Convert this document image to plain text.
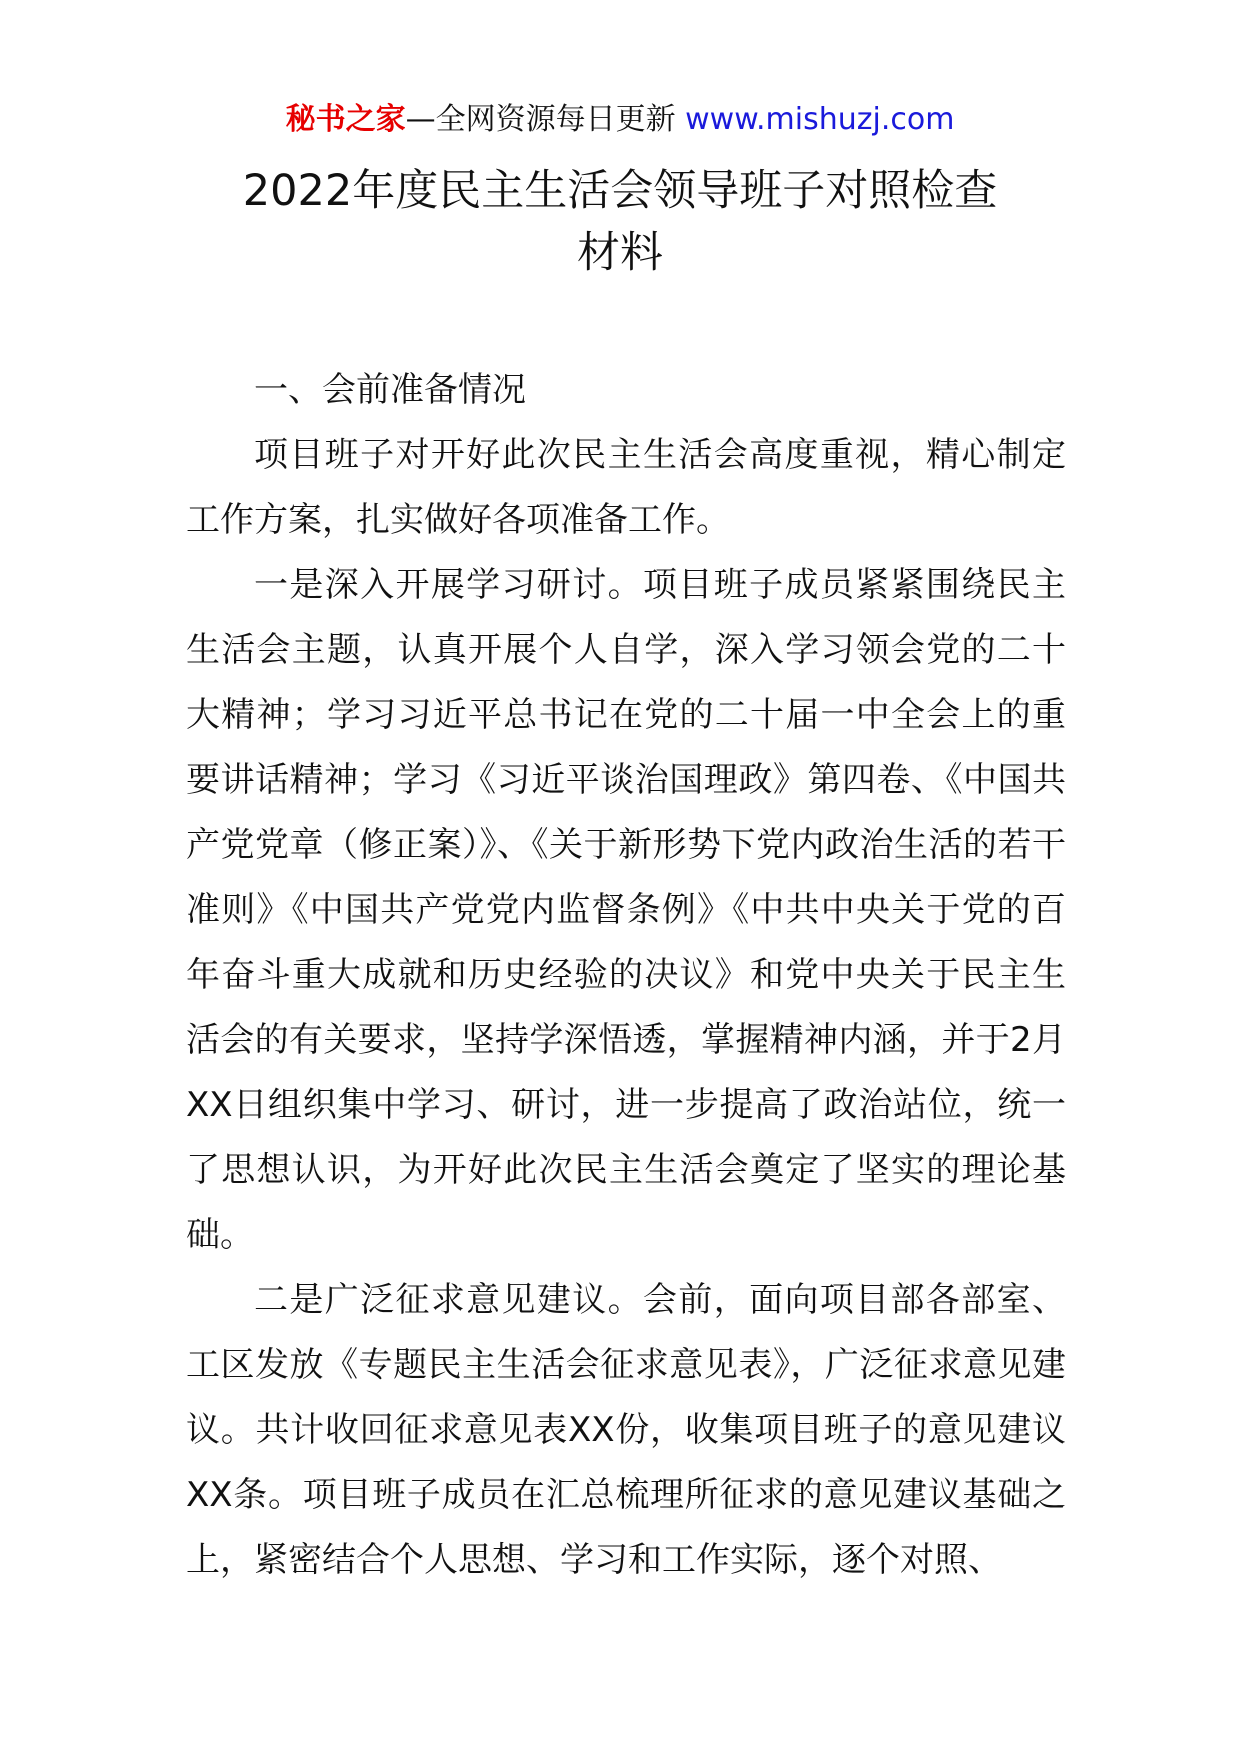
秘书之家—全网资源每日更新 www.mishuzj.com
2022年度民主生活会领导班子对照检查
材料

一、会前准备情况

项目班子对开好此次民主生活会高度重视，精心制定工作方案，扎实做好各项准备工作。

一是深入开展学习研讨。项目班子成员紧紧围绕民主生活会主题，认真开展个人自学，深入学习领会党的二十大精神；学习习近平总书记在党的二十届一中全会上的重要讲话精神；学习《习近平谈治国理政》第四卷、《中国共产党党章（修正案）》、《关于新形势下党内政治生活的若干准则》《中国共产党党内监督条例》《中共中央关于党的百年奋斗重大成就和历史经验的决议》和党中央关于民主生活会的有关要求，坚持学深悟透，掌握精神内涵，并于2月XX日组织集中学习、研讨，进一步提高了政治站位，统一了思想认识，为开好此次民主生活会奠定了坚实的理论基础。

二是广泛征求意见建议。会前，面向项目部各部室、工区发放《专题民主生活会征求意见表》，广泛征求意见建议。共计收回征求意见表XX份，收集项目班子的意见建议XX条。项目班子成员在汇总梳理所征求的意见建议基础之上，紧密结合个人思想、学习和工作实际，逐个对照、
